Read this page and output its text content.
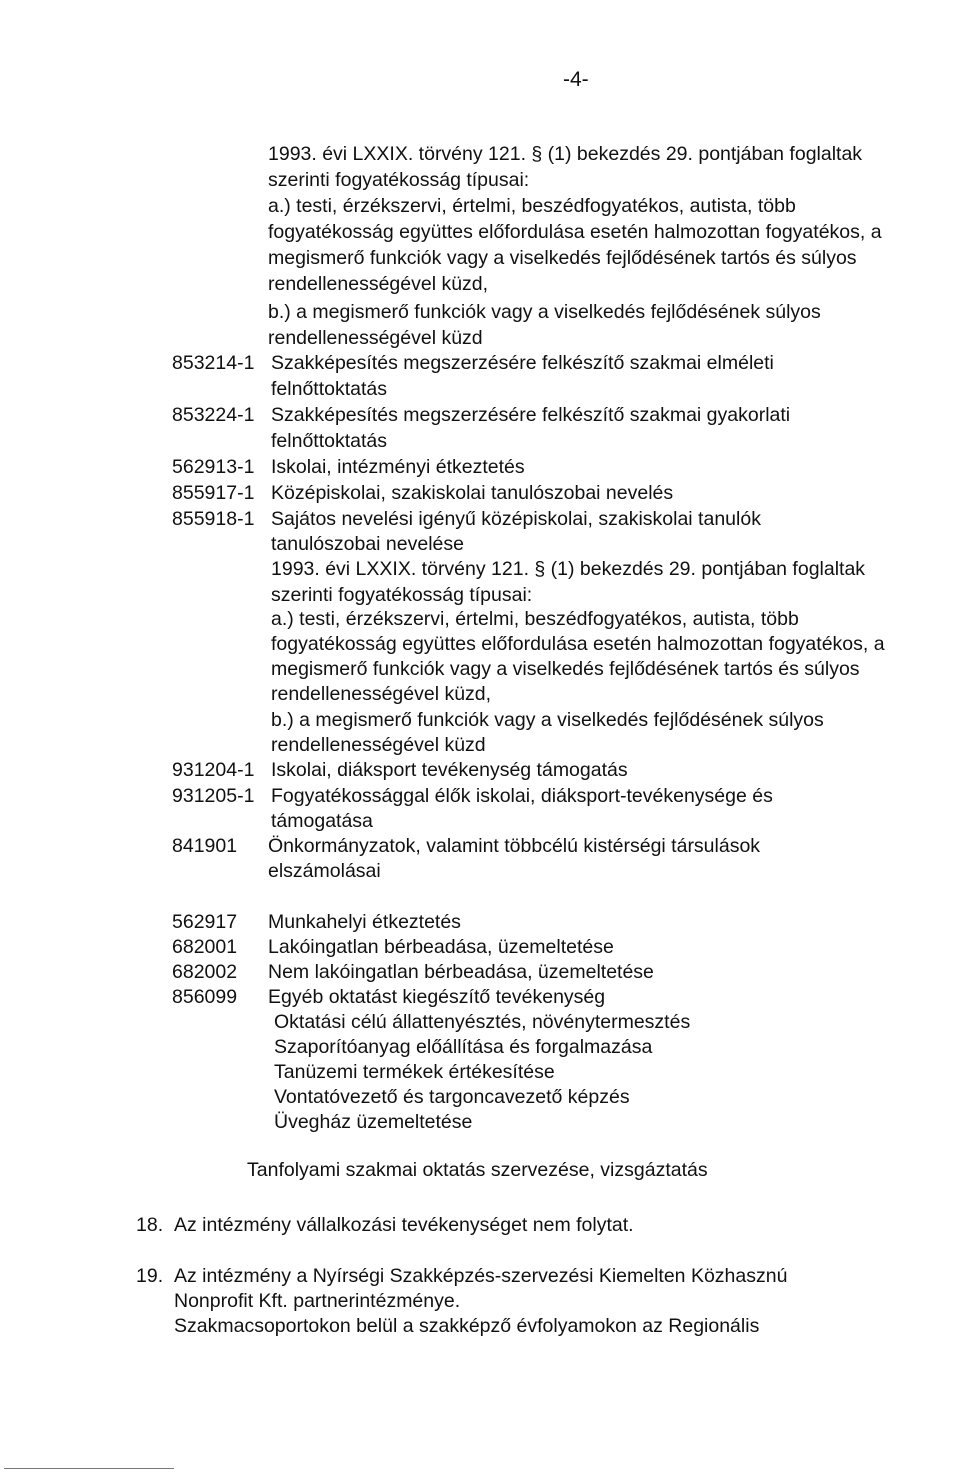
-4-
1993. évi LXXIX. törvény 121. § (1) bekezdés 29. pontjában foglaltak
szerinti fogyatékosság típusai:
a.) testi, érzékszervi, értelmi, beszédfogyatékos, autista, több
fogyatékosság együttes előfordulása esetén halmozottan fogyatékos, a
megismerő funkciók vagy a viselkedés fejlődésének tartós és súlyos
rendellenességével küzd,
b.) a megismerő funkciók vagy a viselkedés fejlődésének súlyos
rendellenességével küzd
853214-1 Szakképesítés megszerzésére felkészítő szakmai elméleti
felnőttoktatás
853224-1 Szakképesítés megszerzésére felkészítő szakmai gyakorlati
felnőttoktatás
562913-1 Iskolai, intézményi étkeztetés
855917-1 Középiskolai, szakiskolai tanulószobai nevelés
855918-1 Sajátos nevelési igényű középiskolai, szakiskolai tanulók
tanulószobai nevelése
1993. évi LXXIX. törvény 121. § (1) bekezdés 29. pontjában foglaltak
szerinti fogyatékosság típusai:
a.) testi, érzékszervi, értelmi, beszédfogyatékos, autista, több
fogyatékosság együttes előfordulása esetén halmozottan fogyatékos, a
megismerő funkciók vagy a viselkedés fejlődésének tartós és súlyos
rendellenességével küzd,
b.) a megismerő funkciók vagy a viselkedés fejlődésének súlyos
rendellenességével küzd
931204-1 Iskolai, diáksport tevékenység támogatás
931205-1 Fogyatékossággal élők iskolai, diáksport-tevékenysége és
támogatása
841901 Önkormányzatok, valamint többcélú kistérségi társulások
elszámolásai
562917 Munkahelyi étkeztetés
682001 Lakóingatlan bérbeadása, üzemeltetése
682002 Nem lakóingatlan bérbeadása, üzemeltetése
856099 Egyéb oktatást kiegészítő tevékenység
Oktatási célú állattenyésztés, növénytermesztés
Szaporítóanyag előállítása és forgalmazása
Tanüzemi termékek értékesítése
Vontatóvezető és targoncavezető képzés
Üvegház üzemeltetése
Tanfolyami szakmai oktatás szervezése, vizsgáztatás
18. Az intézmény vállalkozási tevékenységet nem folytat.
19. Az intézmény a Nyírségi Szakképzés-szervezési Kiemelten Közhasznú
Nonprofit Kft. partnerintézménye.
Szakmacsoportokon belül a szakképző évfolyamokon az Regionális
